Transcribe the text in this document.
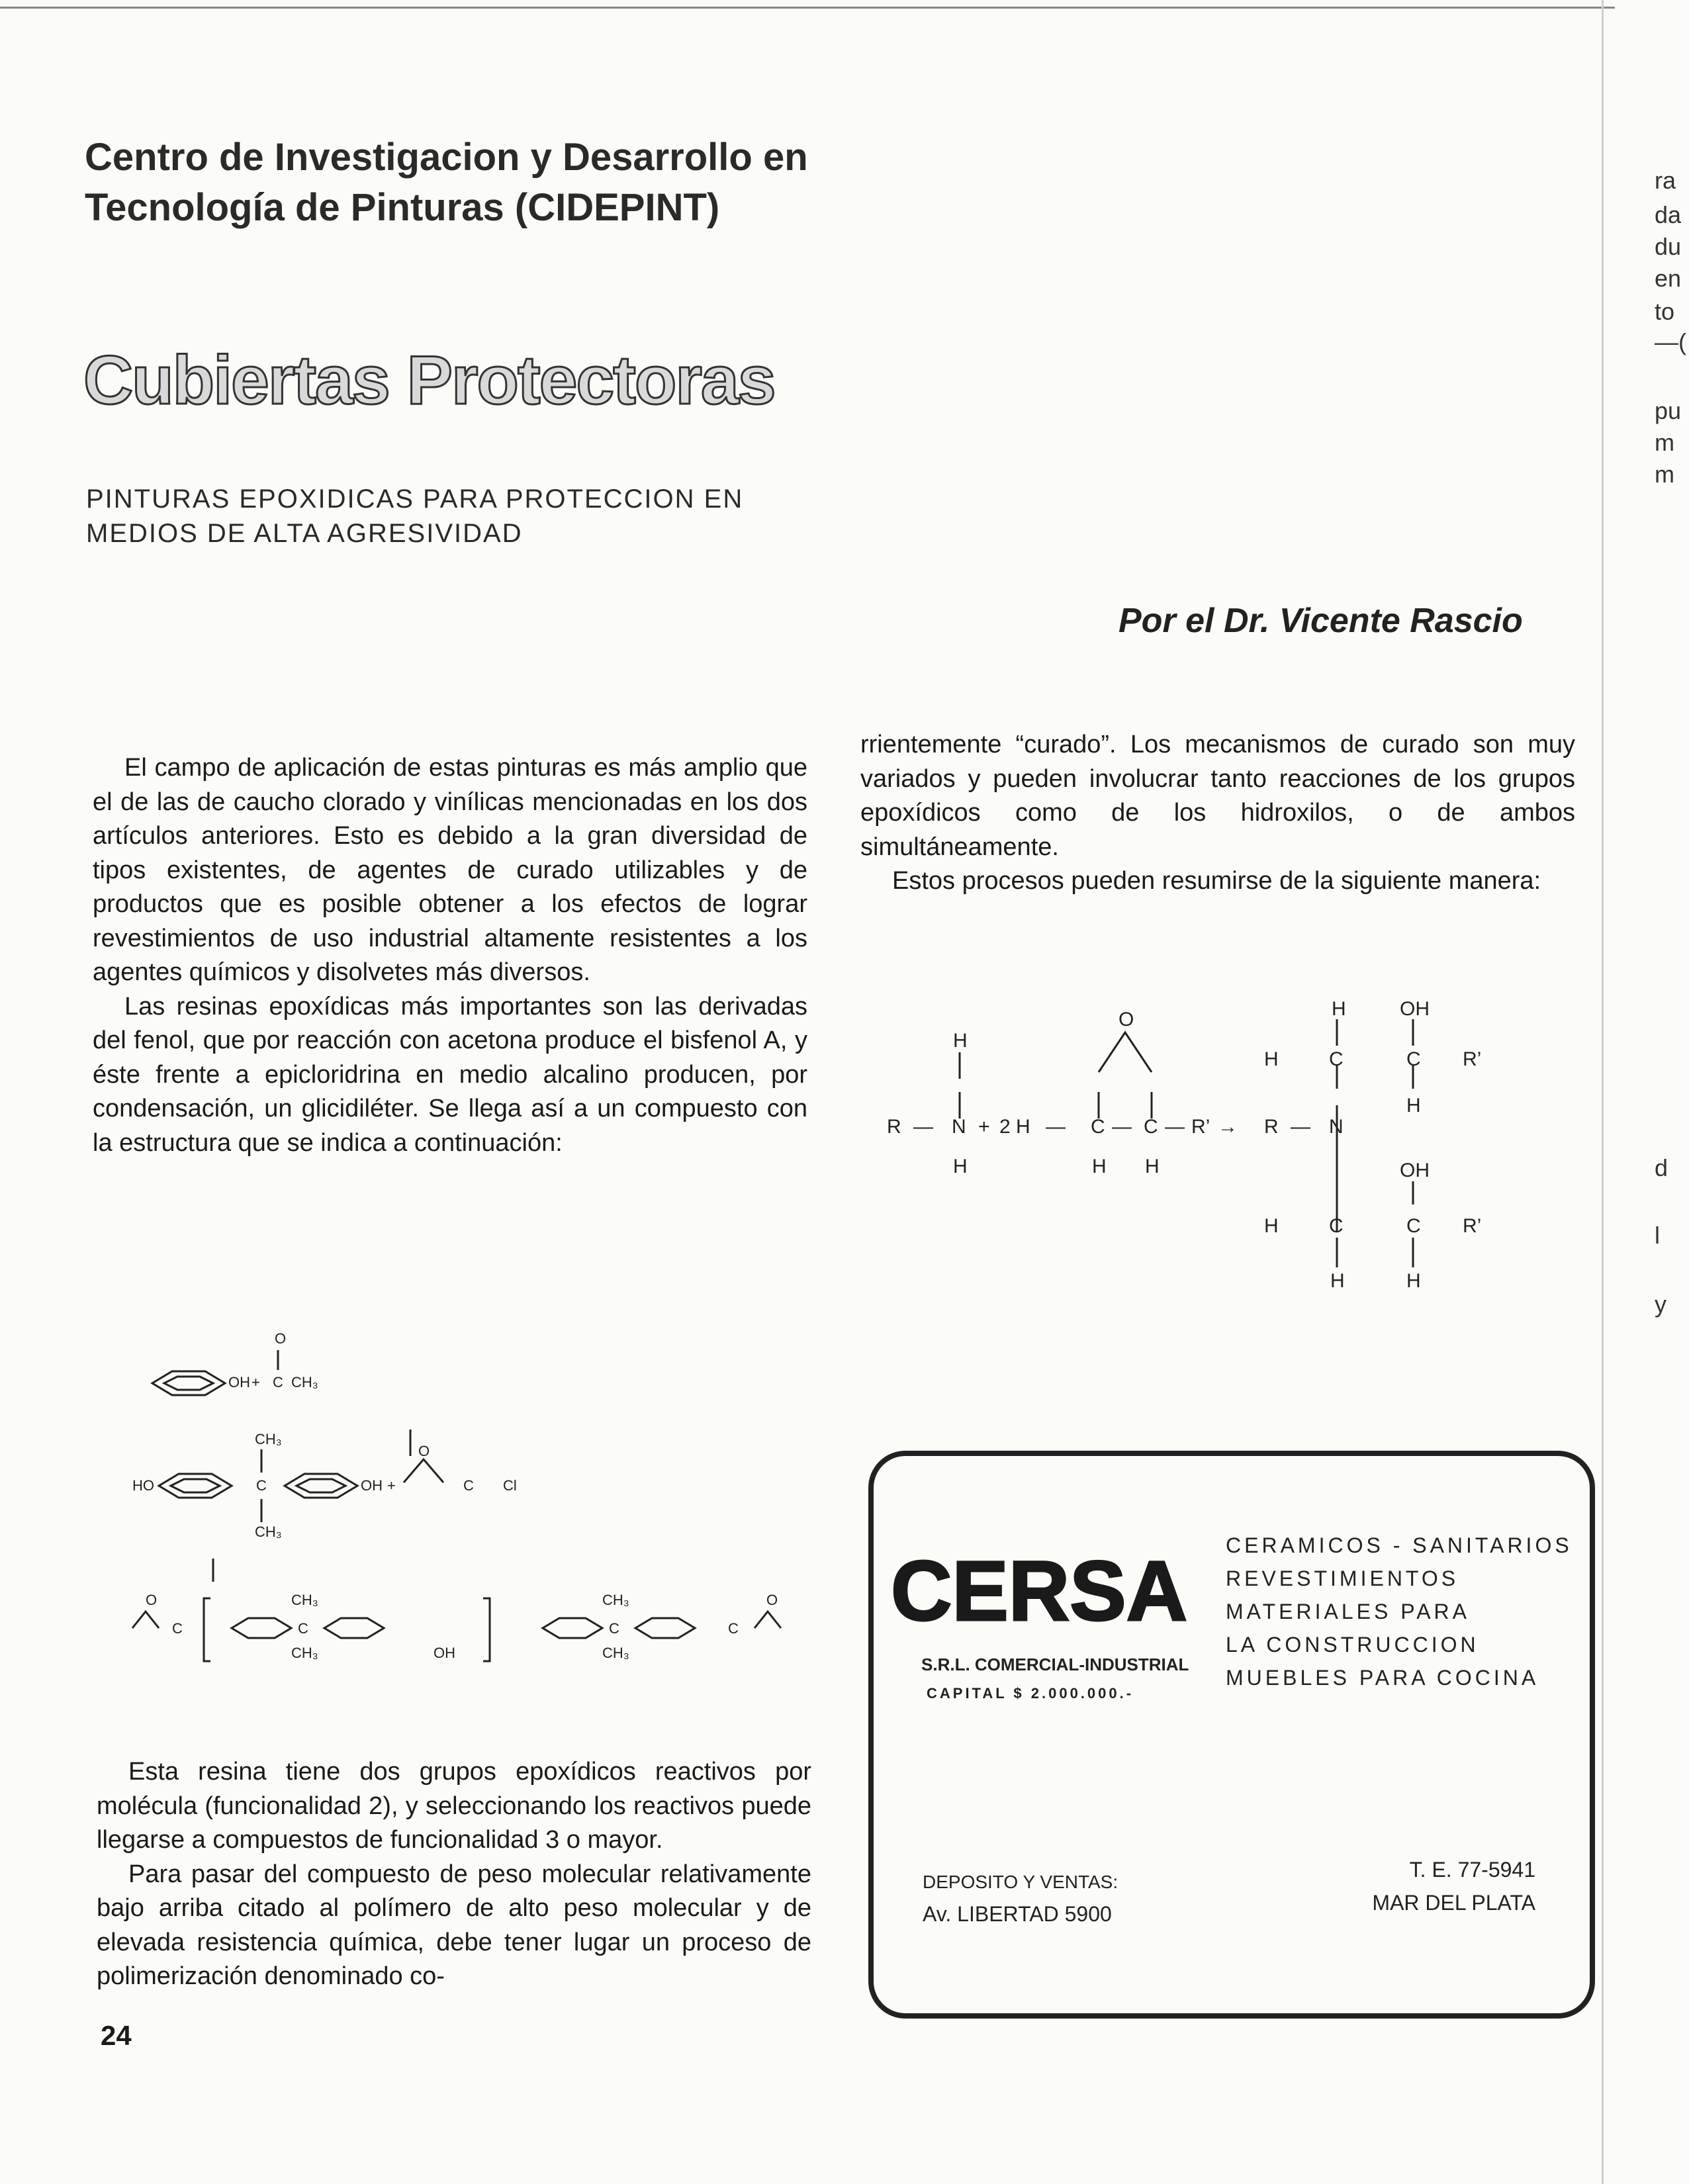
Centro de Investigacion y Desarrollo en
Tecnología de Pinturas (CIDEPINT)
Cubiertas Protectoras
PINTURAS EPOXIDICAS PARA PROTECCION EN
MEDIOS DE ALTA AGRESIVIDAD
Por el Dr. Vicente Rascio

El campo de aplicación de estas pinturas es más amplio que el de las de caucho clorado y vinílicas mencionadas en los dos artículos anteriores. Esto es debido a la gran diversidad de tipos existentes, de agentes de curado utilizables y de productos que es posible obtener a los efectos de lograr revestimientos de uso industrial altamente resistentes a los agentes químicos y disolvetes más diversos.

Las resinas epoxídicas más importantes son las derivadas del fenol, que por reacción con acetona produce el bisfenol A, y éste frente a epicloridrina en medio alcalino producen, por condensación, un glicidiléter. Se llega así a un compuesto con la estructura que se indica a continuación:

O
OH + CH₃
C
CH₃
HO	C	OH +
CH₃
O
C Cl
O
C	C
CH₃
CH₃	OH
C
CH₃
CH₃
O
C

Esta resina tiene dos grupos epoxídicos reactivos por molécula (funcionalidad 2), y seleccionando los reactivos puede llegarse a compuestos de funcionalidad 3 o mayor.

Para pasar del compuesto de peso molecular relativamente bajo arriba citado al polímero de alto peso molecular y de elevada resistencia química, debe tener lugar un proceso de polimerización denominado co-

rrientemente “curado”. Los mecanismos de curado son muy variados y pueden involucrar tanto reacciones de los grupos epoxídicos como de los hidroxilos, o de ambos simultáneamente.

Estos procesos pueden resumirse de la siguiente manera:

H
R — N + 2 H —
O
C — C — R’ →
H	H H
H	OH
H	C	C R’
R — N
H
OH
H	C	C R’
H	H
CERSA CERAMICOS - SANITARIOS
REVESTIMIENTOS
MATERIALES PARA
LA CONSTRUCCION
MUEBLES PARA COCINA
S.R.L. COMERCIAL-INDUSTRIAL
CAPITAL $ 2.000.000.-
DEPOSITO Y VENTAS:
Av. LIBERTAD 5900
T. E. 77-5941
MAR DEL PLATA
24
ra
da
du
en
to
—(
pu
m
m
d
l
y
